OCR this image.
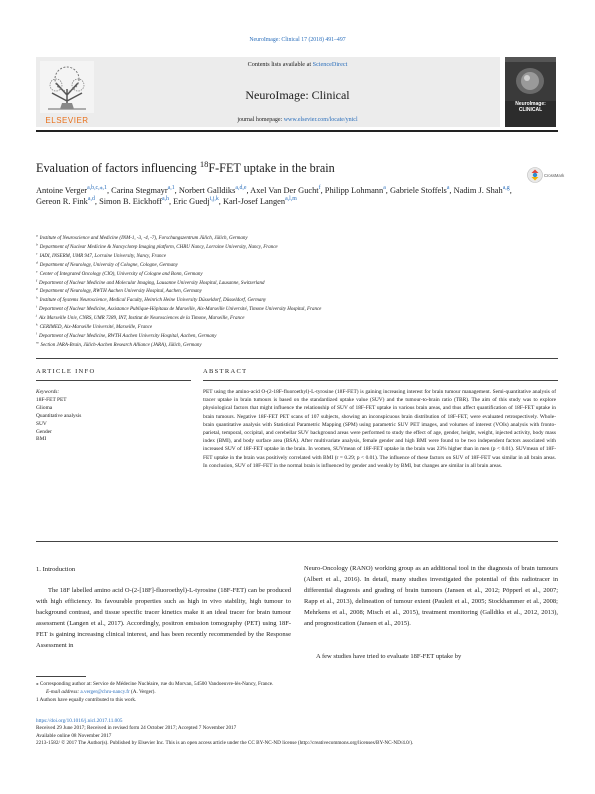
NeuroImage: Clinical 17 (2018) 491–497
ELSEVIER
Contents lists available at ScienceDirect
NeuroImage: Clinical
journal homepage: www.elsevier.com/locate/ynicl
NeuroImage: CLINICAL
Evaluation of factors influencing $^{18}$F-FET uptake in the brain
CrossMark
Antoine Verger$^{a,b,c,⁎,1}$, Carina Stegmayr$^{a,1}$, Norbert Galldiks$^{a,d,e}$, Axel Van Der Gucht$^f$, Philipp Lohmann$^a$, Gabriele Stoffels$^a$, Nadim J. Shah$^{a,g}$, Gereon R. Fink$^{a,d}$, Simon B. Eickhoff$^{a,h}$, Eric Guedj$^{i,j,k}$, Karl-Josef Langen$^{a,l,m}$
$^a$Institute of Neuroscience and Medicine (INM-1, -3, -4, -7), Forschungszentrum Jülich, Jülich, Germany
$^b$Department of Nuclear Medicine & Nancyclotep Imaging platform, CHRU Nancy, Lorraine University, Nancy, France
$^c$IADI, INSERM, UMR 947, Lorraine University, Nancy, France
$^d$Department of Neurology, University of Cologne, Cologne, Germany
$^e$Center of Integrated Oncology (CIO), University of Cologne and Bonn, Germany
$^f$Department of Nuclear Medicine and Molecular Imaging, Lausanne University Hospital, Lausanne, Switzerland
$^g$Department of Neurology, RWTH Aachen University Hospital, Aachen, Germany
$^h$Institute of Systems Neuroscience, Medical Faculty, Heinrich Heine University Düsseldorf, Düsseldorf, Germany
$^i$Department of Nuclear Medicine, Assistance Publique-Hôpitaux de Marseille, Aix-Marseille Université, Timone University Hospital, France
$^j$Aix Marseille Univ, CNRS, UMR 7289, INT, Institut de Neurosciences de la Timone, Marseille, France
$^k$CERIMED, Aix-Marseille Université, Marseille, France
$^l$Department of Nuclear Medicine, RWTH Aachen University Hospital, Aachen, Germany
$^m$Section JARA-Brain, Jülich-Aachen Research Alliance (JARA), Jülich, Germany
ARTICLE INFO	ABSTRACT
Keywords:
18F-FET PET
Glioma
Quantitative analysis
SUV
Gender
BMI
PET using the amino-acid O-(2-18F-fluoroethyl)-L-tyrosine (18F-FET) is gaining increasing interest for brain tumour management. Semi-quantitative analysis of tracer uptake in brain tumours is based on the standardized uptake value (SUV) and the tumour-to-brain ratio (TBR). The aim of this study was to explore physiological factors that might influence the relationship of SUV of 18F-FET uptake in various brain areas, and thus affect quantification of 18F-FET uptake in brain tumours. Negative 18F-FET PET scans of 107 subjects, showing an inconspicuous brain distribution of 18F-FET, were evaluated retrospectively. Whole-brain quantitative analysis with Statistical Parametric Mapping (SPM) using parametric SUV PET images, and volumes of interest (VOIs) analysis with fronto-parietal, temporal, occipital, and cerebellar SUV background areas were performed to study the effect of age, gender, height, weight, injected activity, body mass index (BMI), and body surface area (BSA). After multivariate analysis, female gender and high BMI were found to be two independent factors associated with increased SUV of 18F-FET uptake in the brain. In women, SUVmean of 18F-FET uptake in the brain was 23% higher than in men (p < 0.01). SUVmean of 18F-FET uptake in the brain was positively correlated with BMI (r = 0.29; p < 0.01). The influence of these factors on SUV of 18F-FET was similar in all brain areas. In conclusion, SUV of 18F-FET in the normal brain is influenced by gender and weakly by BMI, but changes are similar in all brain areas.
1. Introduction
The 18F labelled amino acid O-(2-[18F]-fluoroethyl)-L-tyrosine (18F-FET) can be produced with high efficiency. Its favourable properties such as high in vivo stability, high tumour to background contrast, and tissue specific tracer kinetics make it an ideal tracer for brain tumour assessment (Langen et al., 2017). Accordingly, positron emission tomography (PET) using 18F-FET is gaining increasing clinical interest, and has been recently recommended by the Response Assessment in
Neuro-Oncology (RANO) working group as an additional tool in the diagnosis of brain tumours (Albert et al., 2016). In detail, many studies investigated the potential of this radiotracer in differential diagnosis and grading of brain tumours (Jansen et al., 2012; Pöpperl et al., 2007; Rapp et al., 2013), delineation of tumour extent (Pauleit et al., 2005; Stockhammer et al., 2008; Mehrkens et al., 2008; Misch et al., 2015), treatment monitoring (Galldiks et al., 2012, 2013), and prognostication (Jansen et al., 2015).
A few studies have tried to evaluate 18F-FET uptake by
⁎ Corresponding author at: Service de Médecine Nucléaire, rue du Morvan, 54500 Vandoeuvre-lès-Nancy, France.
E-mail address: a.verger@chru-nancy.fr (A. Verger).
1 Authors have equally contributed to this work.
https://doi.org/10.1016/j.nicl.2017.11.005
Received 29 June 2017; Received in revised form 24 October 2017; Accepted 7 November 2017
Available online 08 November 2017
2213-1582/ © 2017 The Author(s). Published by Elsevier Inc. This is an open access article under the CC BY-NC-ND license (http://creativecommons.org/licenses/BY-NC-ND/4.0/).
